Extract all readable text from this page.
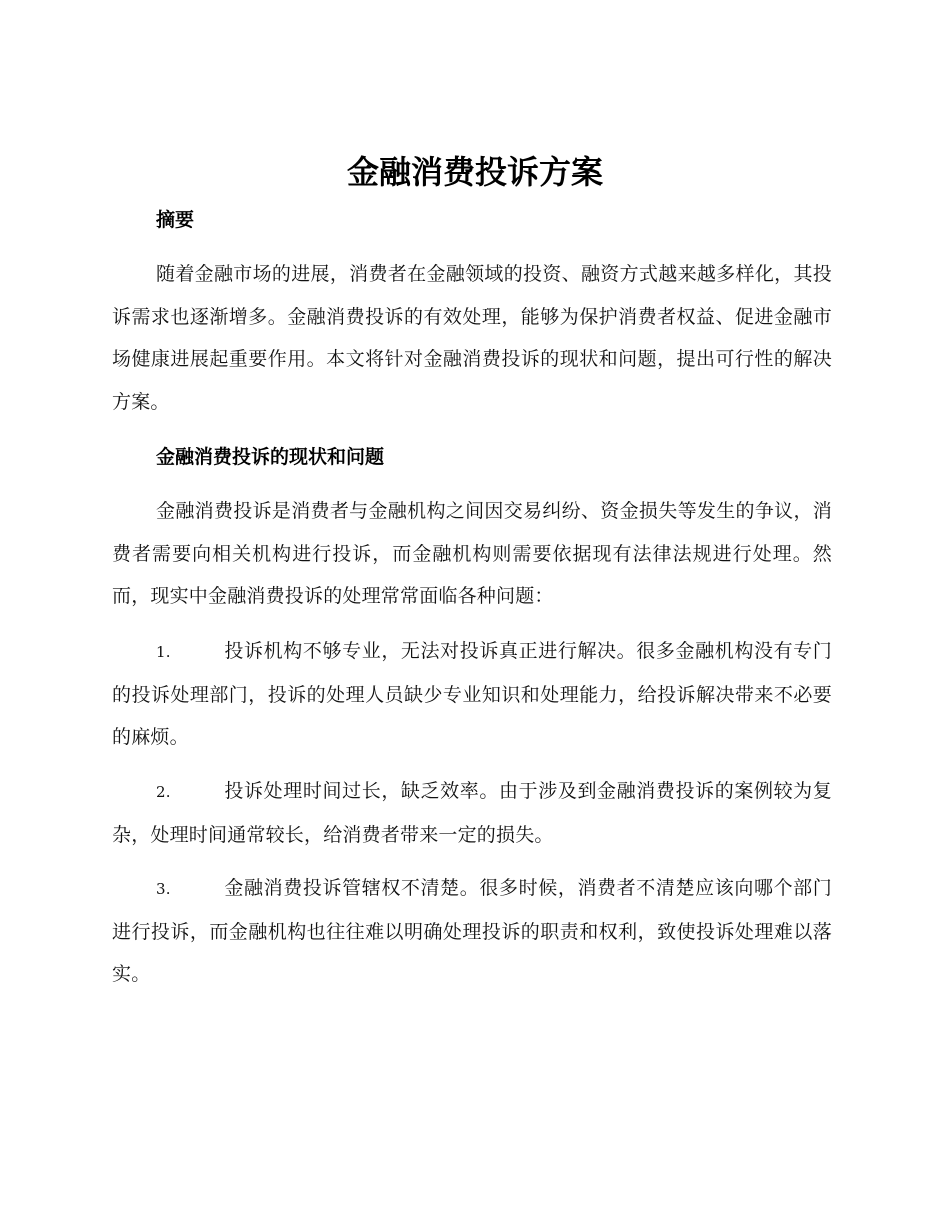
金融消费投诉方案
摘要

随着金融市场的进展，消费者在金融领域的投资、融资方式越来越多样化，其投诉需求也逐渐增多。金融消费投诉的有效处理，能够为保护消费者权益、促进金融市场健康进展起重要作用。本文将针对金融消费投诉的现状和问题，提出可行性的解决方案。

金融消费投诉的现状和问题

金融消费投诉是消费者与金融机构之间因交易纠纷、资金损失等发生的争议，消费者需要向相关机构进行投诉，而金融机构则需要依据现有法律法规进行处理。然而，现实中金融消费投诉的处理常常面临各种问题：

1.	投诉机构不够专业，无法对投诉真正进行解决。很多金融机构没有专门的投诉处理部门，投诉的处理人员缺少专业知识和处理能力，给投诉解决带来不必要的麻烦。

2.	投诉处理时间过长，缺乏效率。由于涉及到金融消费投诉的案例较为复杂，处理时间通常较长，给消费者带来一定的损失。

3.	金融消费投诉管辖权不清楚。很多时候，消费者不清楚应该向哪个部门进行投诉，而金融机构也往往难以明确处理投诉的职责和权利，致使投诉处理难以落实。
